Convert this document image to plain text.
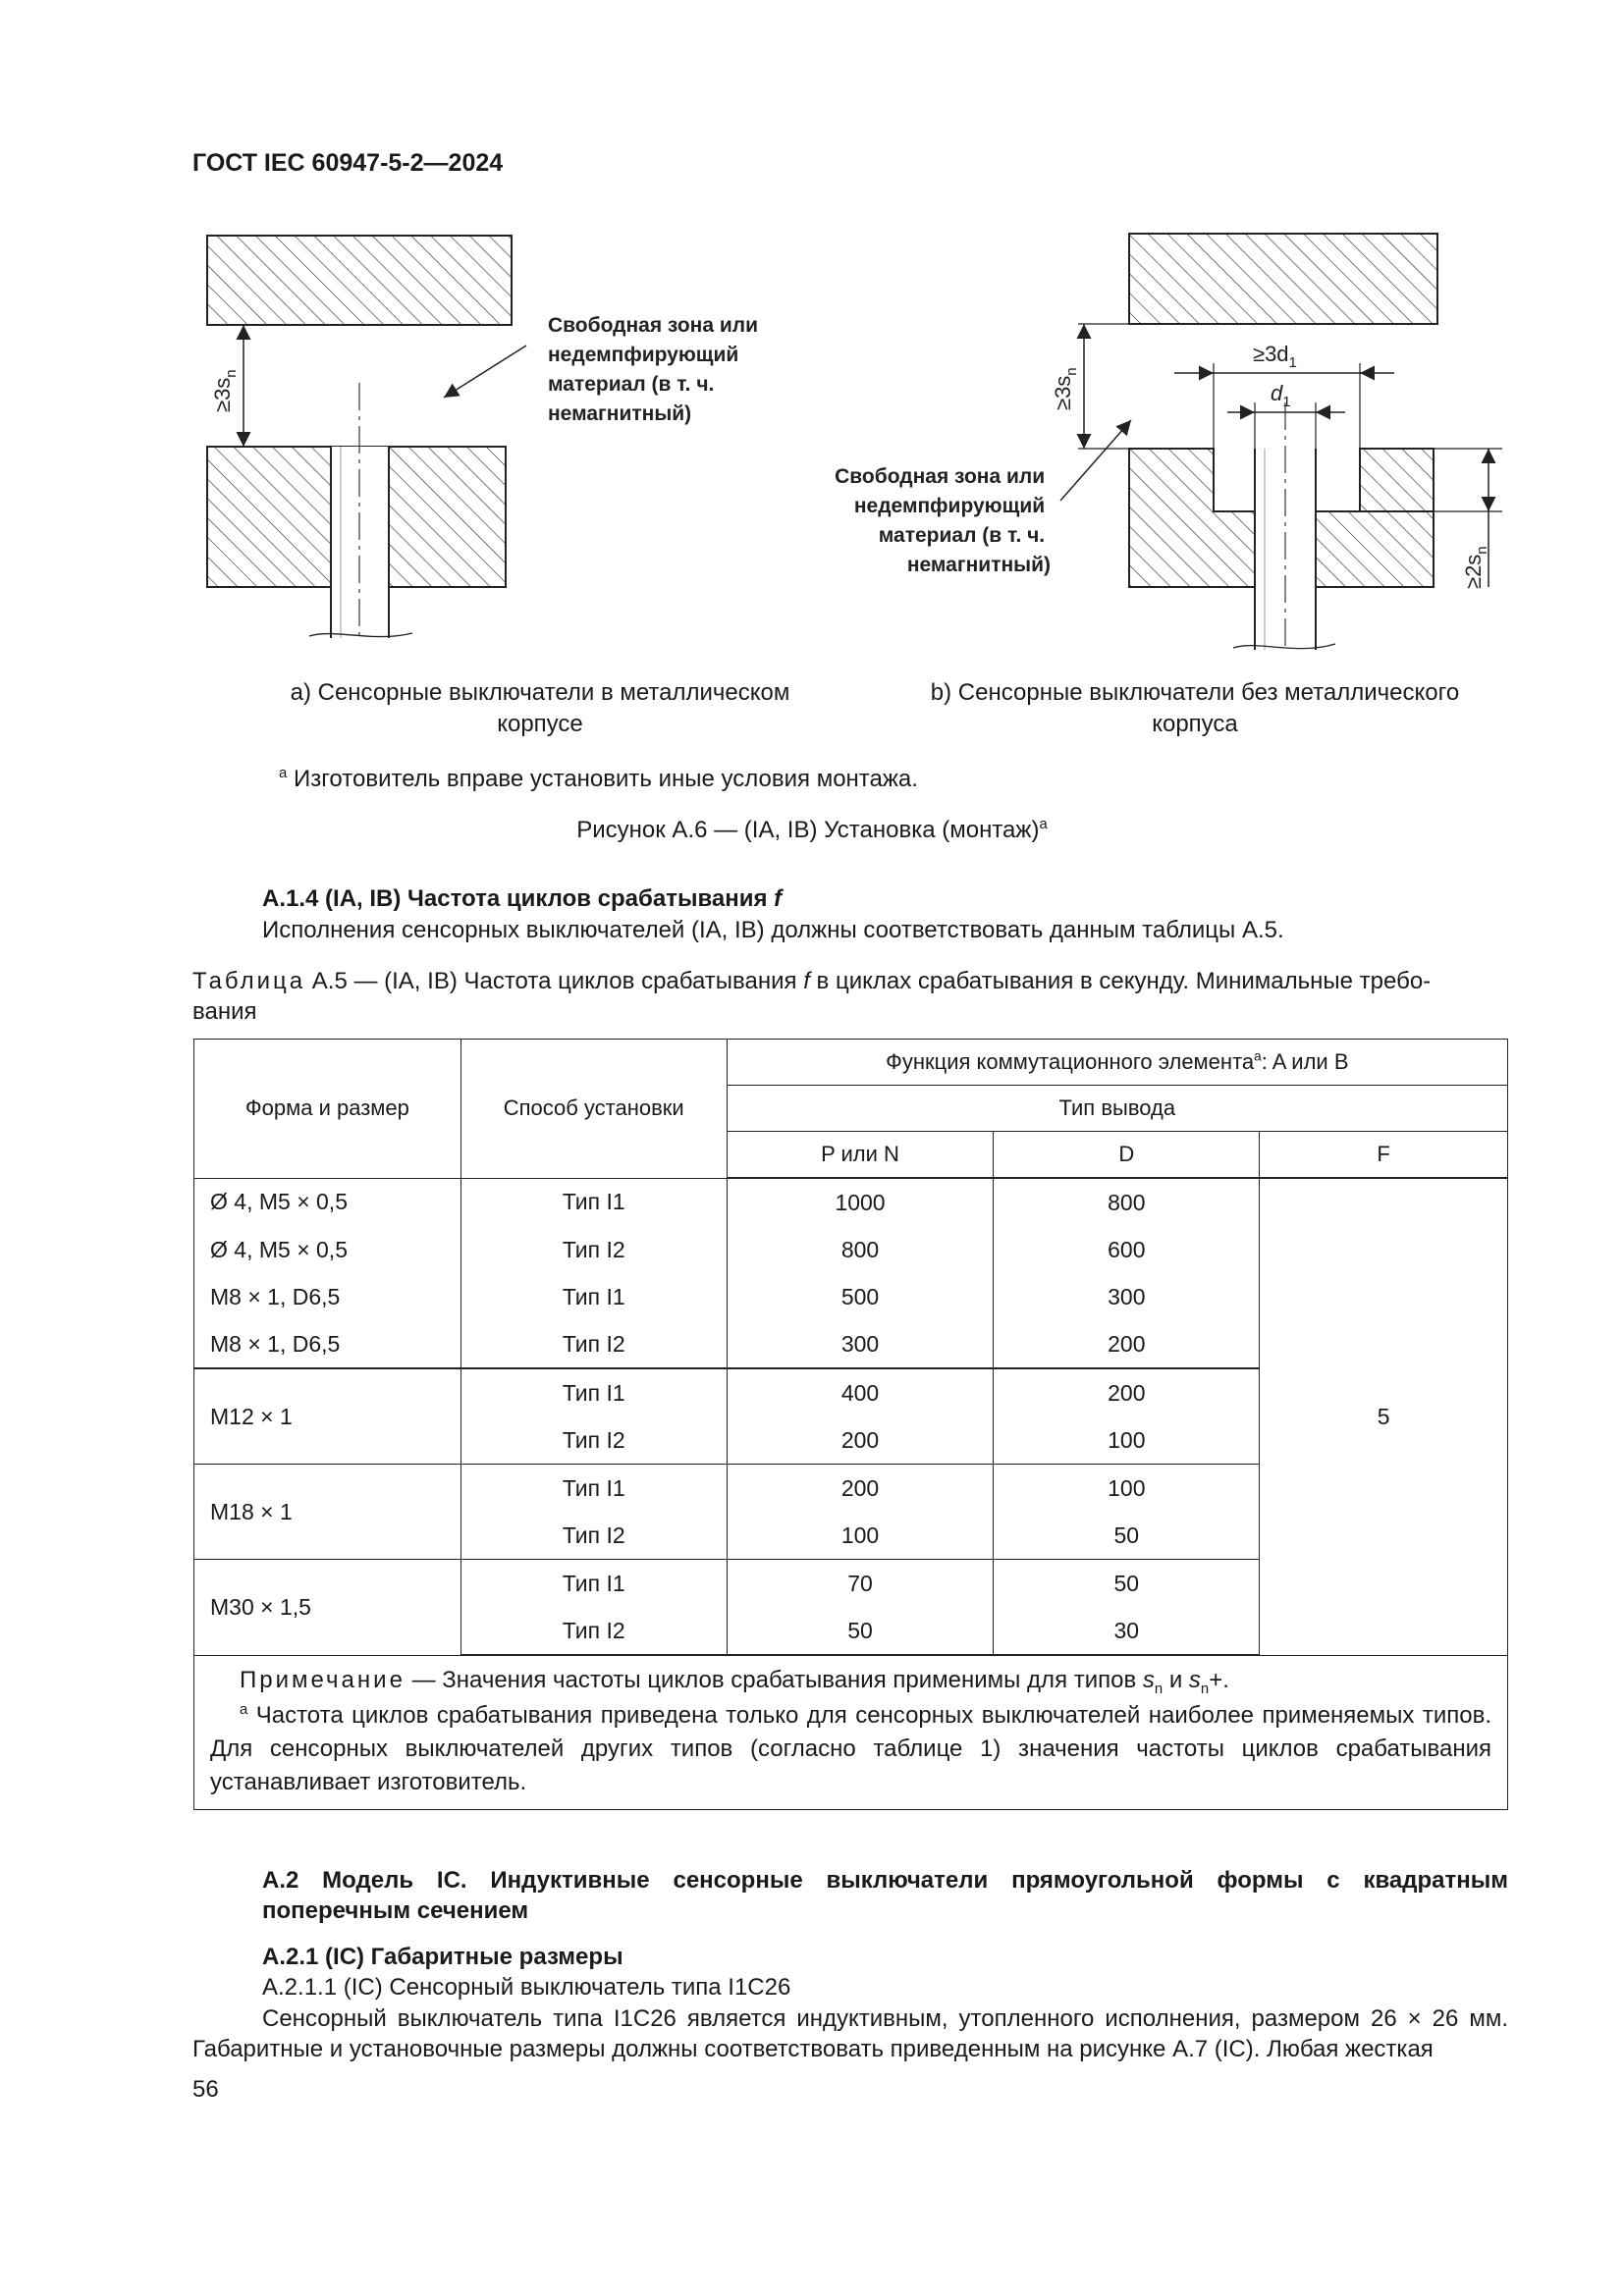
ГОСТ IEC 60947-5-2—2024
$\ge 3s_n$
Свободная зона или недемпфирующий материал (в т. ч. немагнитный)
$\ge 3s_n$
$\ge 3d_1$
$d_1$
$\ge 2s_n$
Свободная зона или недемпфирующий материал (в т. ч. немагнитный)
a) Сенсорные выключатели в металлическом
корпусе
b) Сенсорные выключатели без металлического
корпуса
$^a$ Изготовитель вправе установить иные условия монтажа.
Рисунок А.6 — (IA, IB) Установка (монтаж)$^a$
А.1.4 (IA, IB) Частота циклов срабатывания f
Исполнения сенсорных выключателей (IA, IB) должны соответствовать данным таблицы А.5.
Таблица А.5 — (IA, IB) Частота циклов срабатывания f в циклах срабатывания в секунду. Минимальные требо-
вания
Форма и размер	Способ установки	Функция коммутационного элемента$^a$: A или B		
		Тип вывода		
		P или N	D	F
Ø 4, M5 × 0,5	Тип I1	1000	800	5
Ø 4, M5 × 0,5	Тип I2	800	600	
M8 × 1, D6,5	Тип I1	500	300	
M8 × 1, D6,5	Тип I2	300	200	
M12 × 1	Тип I1	400	200	
	Тип I2	200	100	
M18 × 1	Тип I1	200	100	
	Тип I2	100	50	
M30 × 1,5	Тип I1	70	50	
	Тип I2	50	30	

Примечание — Значения частоты циклов срабатывания применимы для типов $s_n$ и $s_n+$.
$^a$ Частота циклов срабатывания приведена только для сенсорных выключателей наиболее применяемых типов. Для сенсорных выключателей других типов (согласно таблице 1) значения частоты циклов срабатывания устанавливает изготовитель.				
А.2 Модель IC. Индуктивные сенсорные выключатели прямоугольной формы с квадратным поперечным сечением
А.2.1 (IC) Габаритные размеры
А.2.1.1 (IC) Сенсорный выключатель типа I1C26
Сенсорный выключатель типа I1C26 является индуктивным, утопленного исполнения, размером 26 × 26 мм. Габаритные и установочные размеры должны соответствовать приведенным на рисунке А.7 (IC). Любая жесткая
56
